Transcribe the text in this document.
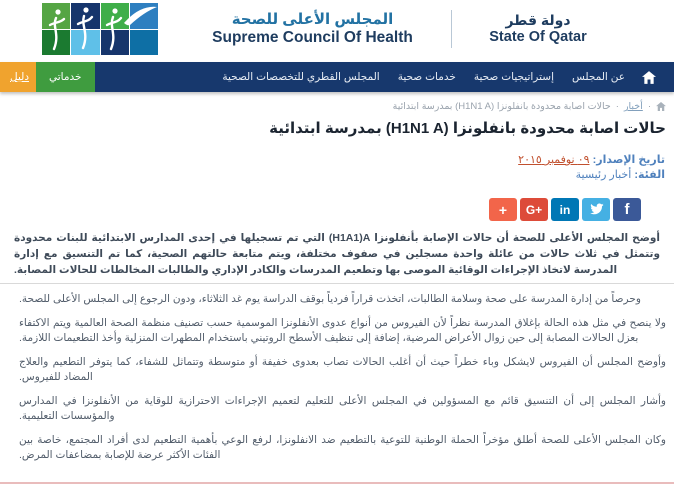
المجلس الأعلى للصحة
Supreme Council Of Health
دولة قطر
State Of Qatar
عن المجلس
إستراتيجيات صحية
خدمات صحية
المجلس القطري للتخصصات الصحية
خدماتي
دليل
·
أخبار
·
حالات اصابة محدودة بانفلونزا ⁦(H1N1 A)⁩ بمدرسة ابتدائية
حالات اصابة محدودة بانفلونزا ⁦(H1N1 A)⁩ بمدرسة ابتدائية
تاريخ الإصدار: ٠٩ نوفمبر ٢٠١٥
الفئة: أخبار رئيسية
+ G+ in	f

أوضح المجلس الأعلى للصحة أن حالات الإصابة بأنفلونزا ⁦(H1A1)A⁩ التي تم تسجيلها في إحدى المدارس الابتدائية للبنات محدودة وتتمثل في ثلاث حالات من عائلة واحدة مسجلين في صفوف مختلفة، ويتم متابعة حالتهم الصحية، كما تم التنسيق مع إدارة المدرسة لاتخاذ الإجراءات الوقائية الموصى بها وتطعيم المدرسات والكادر الإداري والطالبات المخالطات للحالات المصابة.

وحرصاً من إدارة المدرسة على صحة وسلامة الطالبات، اتخذت قراراً فردياً بوقف الدراسة يوم غد الثلاثاء، ودون الرجوع إلى المجلس الأعلى للصحة.

ولا ينصح في مثل هذه الحالة بإغلاق المدرسة نظراً لأن الفيروس من أنواع عدوى الأنفلونزا الموسمية حسب تصنيف منظمة الصحة العالمية ويتم الاكتفاء بعزل الحالات المصابة إلى حين زوال الأعراض المرضية، إضافة إلى تنظيف الأسطح الروتيني باستخدام المطهرات المنزلية وأخذ التطعيمات اللازمة.

وأوضح المجلس أن الفيروس لايشكل وباء خطراً حيث أن أغلب الحالات تصاب بعدوى خفيفة أو متوسطة وتتماثل للشفاء، كما يتوفر التطعيم والعلاج المضاد للفيروس.

وأشار المجلس إلى أن التنسيق قائم مع المسؤولين في المجلس الأعلى للتعليم لتعميم الإجراءات الاحترازية للوقاية من الأنفلونزا في المدارس والمؤسسات التعليمية.

وكان المجلس الأعلى للصحة أطلق مؤخراً الحملة الوطنية للتوعية بالتطعيم ضد الانفلونزا، لرفع الوعي بأهمية التطعيم لدى أفراد المجتمع، خاصة بين الفئات الأكثر عرضة للإصابة بمضاعفات المرض.
